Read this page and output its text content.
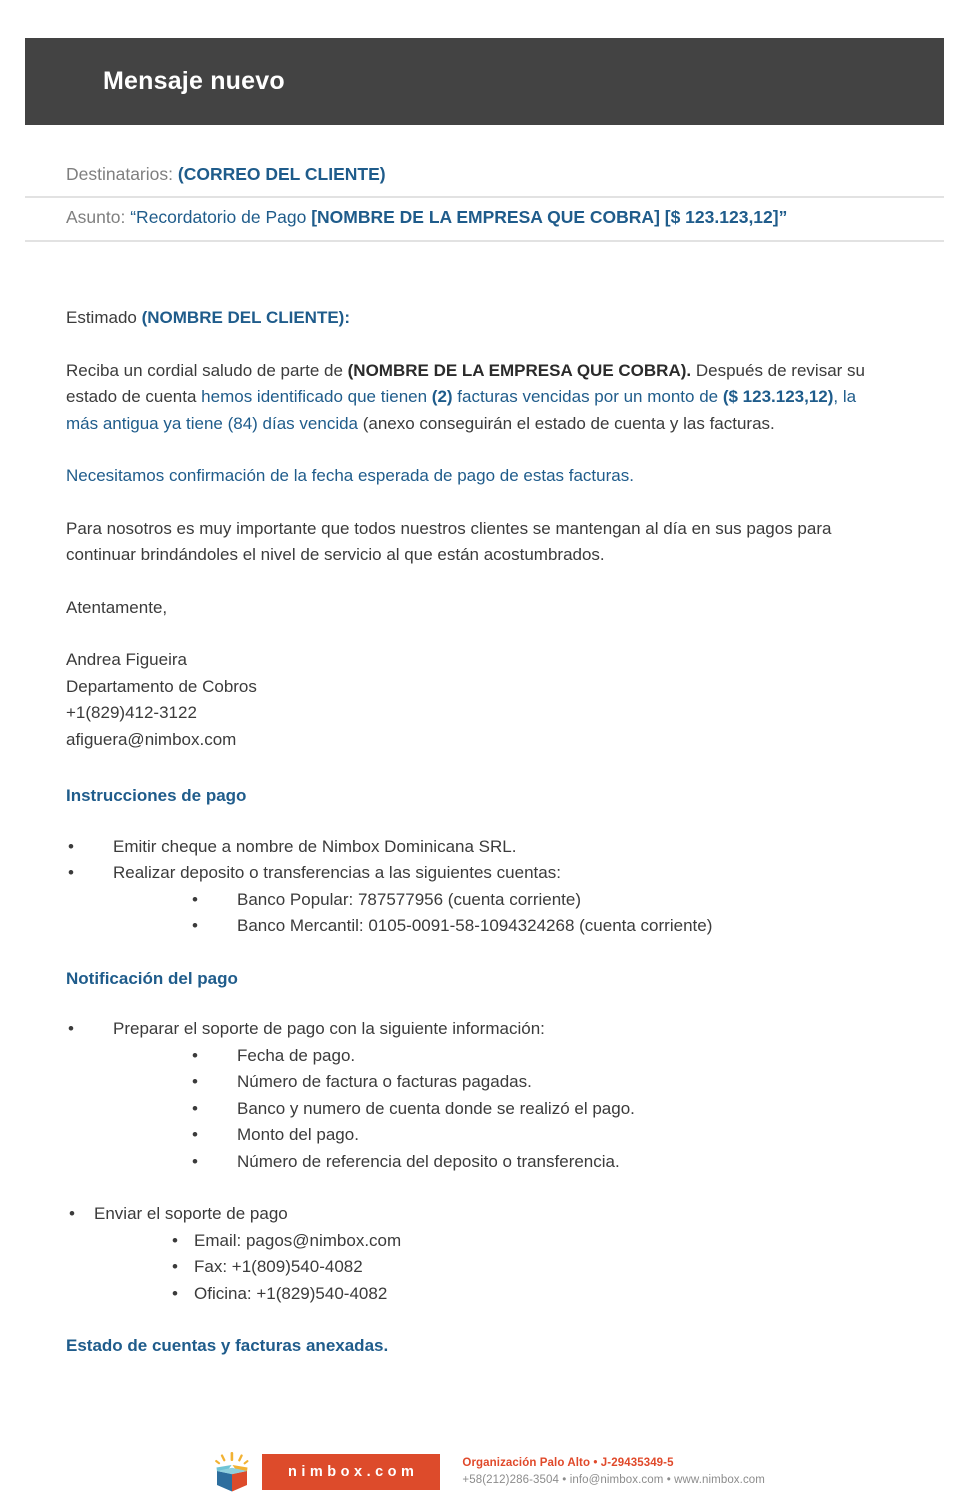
Mensaje nuevo
Destinatarios: (CORREO DEL CLIENTE)
Asunto: “Recordatorio de Pago [NOMBRE DE LA EMPRESA QUE COBRA] [$ 123.123,12]”

Estimado (NOMBRE DEL CLIENTE):

Reciba un cordial saludo de parte de (NOMBRE DE LA EMPRESA QUE COBRA). Después de revisar su estado de cuenta hemos identificado que tienen (2) facturas vencidas por un monto de ($ 123.123,12), la más antigua ya tiene (84) días vencida (anexo conseguirán el estado de cuenta y las facturas.

Necesitamos confirmación de la fecha esperada de pago de estas facturas.

Para nosotros es muy importante que todos nuestros clientes se mantengan al día en sus pagos para continuar brindándoles el nivel de servicio al que están acostumbrados.

Atentamente,

Andrea Figueira

Departamento de Cobros

+1(829)412-3122

afiguera@nimbox.com

Instrucciones de pago

• Emitir cheque a nombre de Nimbox Dominicana SRL.
• Realizar deposito o transferencias a las siguientes cuentas:
• Banco Popular: 787577956 (cuenta corriente)
• Banco Mercantil: 0105-0091-58-1094324268 (cuenta corriente)

Notificación del pago

• Preparar el soporte de pago con la siguiente información:
• Fecha de pago.
• Número de factura o facturas pagadas.
• Banco y numero de cuenta donde se realizó el pago.
• Monto del pago.
• Número de referencia del deposito o transferencia.
• Enviar el soporte de pago
• Email: pagos@nimbox.com
• Fax: +1(809)540-4082
• Oficina: +1(829)540-4082

Estado de cuentas y facturas anexadas.

nimbox.com
Organización Palo Alto • J-29435349-5
+58(212)286-3504 • info@nimbox.com • www.nimbox.com
